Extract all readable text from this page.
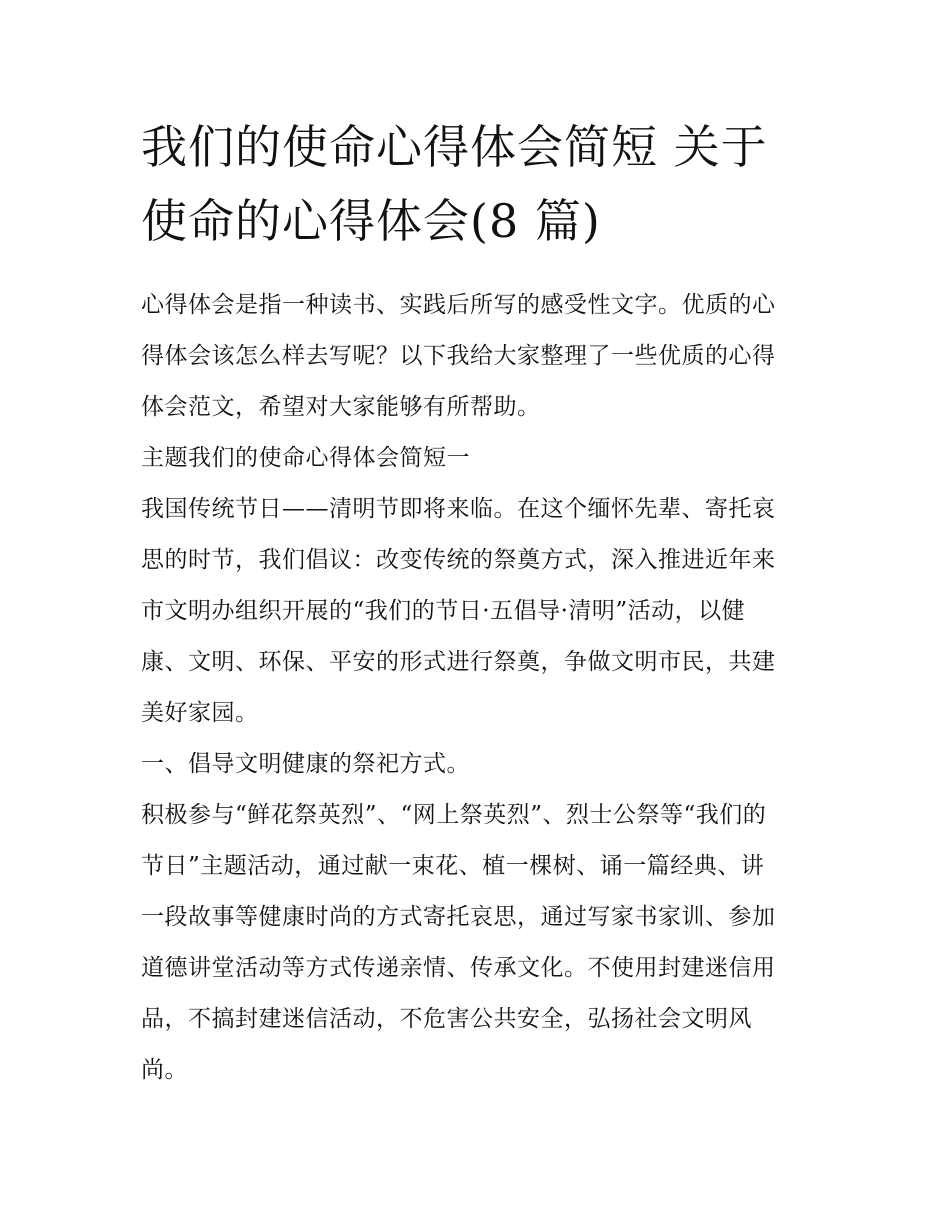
我们的使命心得体会简短 关于
使命的心得体会(8 篇)

心得体会是指一种读书、实践后所写的感受性文字。优质的心
得体会该怎么样去写呢？以下我给大家整理了一些优质的心得
体会范文，希望对大家能够有所帮助。

主题我们的使命心得体会简短一

我国传统节日——清明节即将来临。在这个缅怀先辈、寄托哀
思的时节，我们倡议：改变传统的祭奠方式，深入推进近年来
市文明办组织开展的“我们的节日·五倡导·清明”活动，以健
康、文明、环保、平安的形式进行祭奠，争做文明市民，共建
美好家园。

一、倡导文明健康的祭祀方式。

积极参与“鲜花祭英烈”、“网上祭英烈”、烈士公祭等“我们的
节日”主题活动，通过献一束花、植一棵树、诵一篇经典、讲
一段故事等健康时尚的方式寄托哀思，通过写家书家训、参加
道德讲堂活动等方式传递亲情、传承文化。不使用封建迷信用
品，不搞封建迷信活动，不危害公共安全，弘扬社会文明风
尚。
